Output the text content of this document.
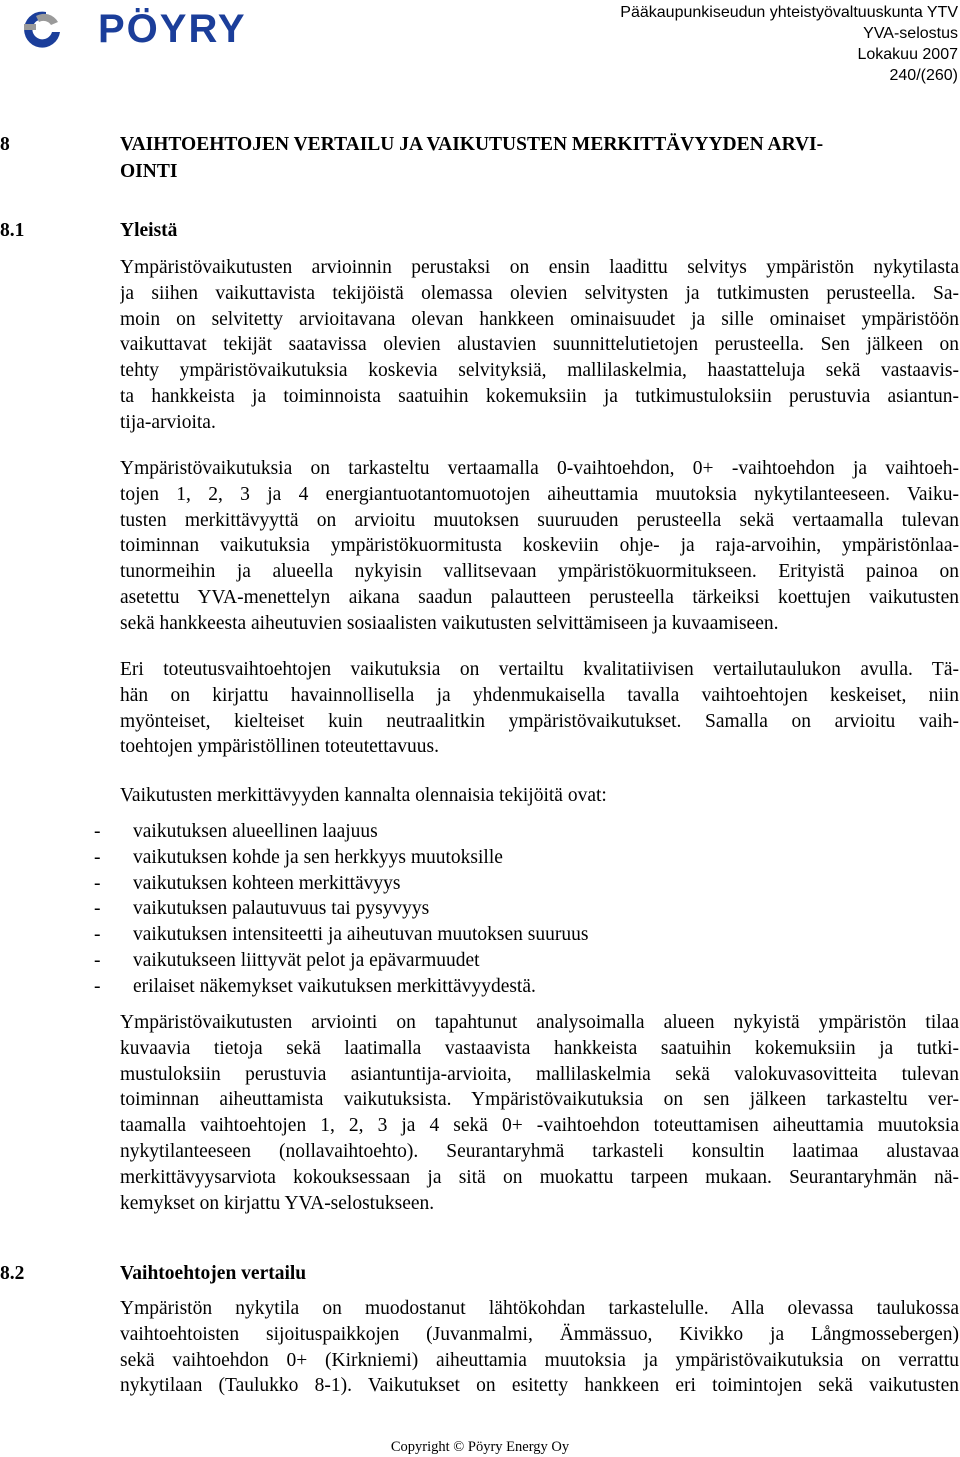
PÖYRY	Pääkaupunkiseudun yhteistyövaltuuskunta YTV
YVA-selostus
Lokakuu 2007
240/(260)
8	VAIHTOEHTOJEN VERTAILU JA VAIKUTUSTEN MERKITTÄVYYDEN ARVI-
OINTI
8.1	Yleistä
Ympäristövaikutusten arvioinnin perustaksi on ensin laadittu selvitys ympäristön nykytilasta
ja siihen vaikuttavista tekijöistä olemassa olevien selvitysten ja tutkimusten perusteella. Sa-
moin on selvitetty arvioitavana olevan hankkeen ominaisuudet ja sille ominaiset ympäristöön
vaikuttavat tekijät saatavissa olevien alustavien suunnittelutietojen perusteella. Sen jälkeen on
tehty ympäristövaikutuksia koskevia selvityksiä, mallilaskelmia, haastatteluja sekä vastaavis-
ta hankkeista ja toiminnoista saatuihin kokemuksiin ja tutkimustuloksiin perustuvia asiantun-
tija-arvioita.
Ympäristövaikutuksia on tarkasteltu vertaamalla 0-vaihtoehdon, 0+ -vaihtoehdon ja vaihtoeh-
tojen 1, 2, 3 ja 4 energiantuotantomuotojen aiheuttamia muutoksia nykytilanteeseen. Vaiku-
tusten merkittävyyttä on arvioitu muutoksen suuruuden perusteella sekä vertaamalla tulevan
toiminnan vaikutuksia ympäristökuormitusta koskeviin ohje- ja raja-arvoihin, ympäristönlaa-
tunormeihin ja alueella nykyisin vallitsevaan ympäristökuormitukseen. Erityistä painoa on
asetettu YVA-menettelyn aikana saadun palautteen perusteella tärkeiksi koettujen vaikutusten
sekä hankkeesta aiheutuvien sosiaalisten vaikutusten selvittämiseen ja kuvaamiseen.
Eri toteutusvaihtoehtojen vaikutuksia on vertailtu kvalitatiivisen vertailutaulukon avulla. Tä-
hän on kirjattu havainnollisella ja yhdenmukaisella tavalla vaihtoehtojen keskeiset, niin
myönteiset, kielteiset kuin neutraalitkin ympäristövaikutukset. Samalla on arvioitu vaih-
toehtojen ympäristöllinen toteutettavuus.
Vaikutusten merkittävyyden kannalta olennaisia tekijöitä ovat:
- vaikutuksen alueellinen laajuus
- vaikutuksen kohde ja sen herkkyys muutoksille
- vaikutuksen kohteen merkittävyys
- vaikutuksen palautuvuus tai pysyvyys
- vaikutuksen intensiteetti ja aiheutuvan muutoksen suuruus
- vaikutukseen liittyvät pelot ja epävarmuudet
- erilaiset näkemykset vaikutuksen merkittävyydestä.
Ympäristövaikutusten arviointi on tapahtunut analysoimalla alueen nykyistä ympäristön tilaa
kuvaavia tietoja sekä laatimalla vastaavista hankkeista saatuihin kokemuksiin ja tutki-
mustuloksiin perustuvia asiantuntija-arvioita, mallilaskelmia sekä valokuvasovitteita tulevan
toiminnan aiheuttamista vaikutuksista. Ympäristövaikutuksia on sen jälkeen tarkasteltu ver-
taamalla vaihtoehtojen 1, 2, 3 ja 4 sekä 0+ -vaihtoehdon toteuttamisen aiheuttamia muutoksia
nykytilanteeseen (nollavaihtoehto). Seurantaryhmä tarkasteli konsultin laatimaa alustavaa
merkittävyysarviota kokouksessaan ja sitä on muokattu tarpeen mukaan. Seurantaryhmän nä-
kemykset on kirjattu YVA-selostukseen.
8.2	Vaihtoehtojen vertailu
Ympäristön nykytila on muodostanut lähtökohdan tarkastelulle. Alla olevassa taulukossa
vaihtoehtoisten sijoituspaikkojen (Juvanmalmi, Ämmässuo, Kivikko ja Långmossebergen)
sekä vaihtoehdon 0+ (Kirkniemi) aiheuttamia muutoksia ja ympäristövaikutuksia on verrattu
nykytilaan (Taulukko 8-1). Vaikutukset on esitetty hankkeen eri toimintojen sekä vaikutusten
Copyright © Pöyry Energy Oy
